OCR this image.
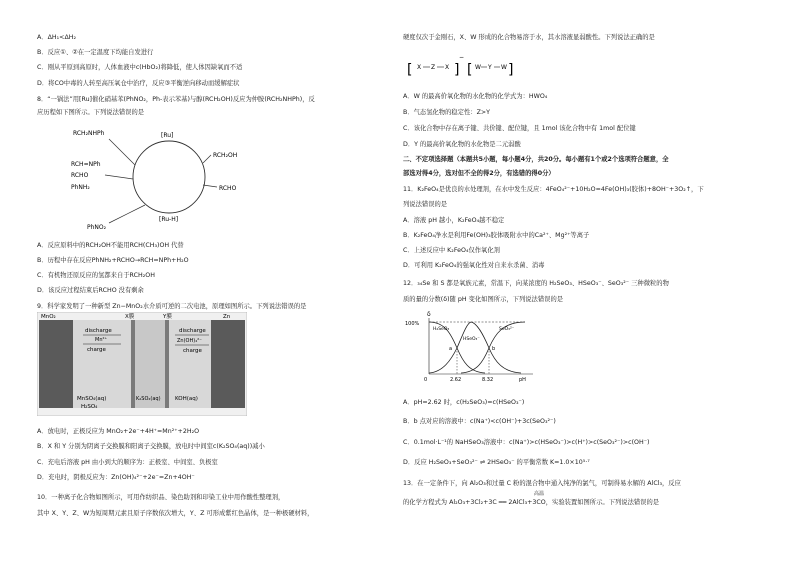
A．ΔH₁<ΔH₂
B．反应①、②在一定温度下均能自发进行
C．刚从平原到高原时，人体血液中c(HbO₂)将降低，使人体因缺氧而不适
D．将CO中毒的人转至高压氧仓中治疗，反应③平衡逆向移动而缓解症状
8．“一锅法”用[Ru]催化硝基苯(PhNO₂，Ph-表示苯基)与醇(RCH₂OH)反应为仲胺(RCH₂NHPh)，反
应历程如下图所示。下列说法错误的是
RCH₂NHPh	[Ru]
RCH₂OH
RCHO
RCH=NPh
RCHO
PhNH₂
[Ru-H]
PhNO₂
A．反应原料中的RCH₂OH不能用RCH(CH₃)OH 代替
B．历程中存在反应PhNH₂+RCHO→RCH=NPh+H₂O
C．有机物还原反应的氢都来自于RCH₂OH
D．该反应过程结束后RCHO 没有剩余
9．科学家发明了一种新型 Zn−MnO₂水介质可逆的二次电池，原理如图所示。下列说法错误的是
MnO₂	X膜	Y膜	Zn
discharge
Mn²⁺
charge
discharge
Zn(OH)₄²⁻
charge
MnSO₄(aq)
H₂SO₄
K₂SO₄(aq)	KOH(aq)
A．放电时，正极反应为 MnO₂+2e⁻+4H⁺=Mn²⁺+2H₂O
B．X 和 Y 分别为阴离子交换膜和阳离子交换膜，放电时中间室c(K₂SO₄(aq))减小
C．充电后溶液 pH 由小到大的顺序为：正极室、中间室、负极室
D．充电时，阴极反应为：Zn(OH)₄²⁻+2e⁻=Zn+4OH⁻
10．一种离子化合物如图所示，可用作纺织品、染色助剂和印染工业中用作酸性整理剂，
其中 X、Y、Z、W为短周期元素且原子序数依次增大，Y、Z 可形成紫红色晶体，是一种极硬材料，
硬度仅次于金刚石，X、W 形成的化合物易溶于水，其水溶液显弱酸性。下列说法正确的是
[ X Z X ]
−
[ W Y W ]
A．W 的最高价氧化物的水化物的化学式为：HWO₄
B．气态氢化物的稳定性：Z>Y
C．该化合物中存在离子键、共价键、配位键，且 1mol 该化合物中有 1mol 配位键
D．Y 的最高价氧化物的水化物是二元弱酸
二、不定项选择题（本题共5小题，每小题4分，共20分。每小题有1个或2个选项符合题意，全
部选对得4分，选对但不全的得2分，有选错的得0分）
11．K₂FeO₄是优良的水处理剂，在水中发生反应：4FeO₄²⁻+10H₂O=4Fe(OH)₃(胶体)+8OH⁻+3O₂↑，下
列说法错误的是
A．溶液 pH 越小，K₂FeO₄越不稳定
B．K₂FeO₄净水是利用Fe(OH)₃胶体吸附水中的Ca²⁺、Mg²⁺等离子
C．上述反应中 K₂FeO₄仅作氧化剂
D．可利用 K₂FeO₄的强氧化性对自来水杀菌、消毒
12．₃₄Se 和 S 都是氧族元素，常温下，向某浓度的 H₂SeO₃、HSeO₃⁻、SeO₃²⁻ 三种微粒的物
质的量的分数(δ)随 pH 变化如图所示，下列说法错误的是
δ
100%
H₂SeO₃
HSeO₃⁻
SeO₃²⁻
a	b
0	2.62	8.32	pH
A．pH=2.62 时，c(H₂SeO₃)=c(HSeO₃⁻)
B．b 点对应的溶液中：c(Na⁺)<c(OH⁻)+3c(SeO₃²⁻)
C．0.1mol·L⁻¹的 NaHSeO₃溶液中：c(Na⁺)>c(HSeO₃⁻)>c(H⁺)>c(SeO₃²⁻)>c(OH⁻)
D．反应 H₂SeO₃+SeO₃²⁻ ⇌ 2HSeO₃⁻ 的平衡常数 K=1.0×10⁵·⁷
13．在一定条件下，向 Al₂O₃和过量 C 粉的混合物中通入纯净的氯气，可制得易水解的 AlCl₃，反应
的化学方程式为 Al₂O₃+3Cl₂+3C ══ 2AlCl₃+3CO，实验装置如图所示。下列说法错误的是
高温
